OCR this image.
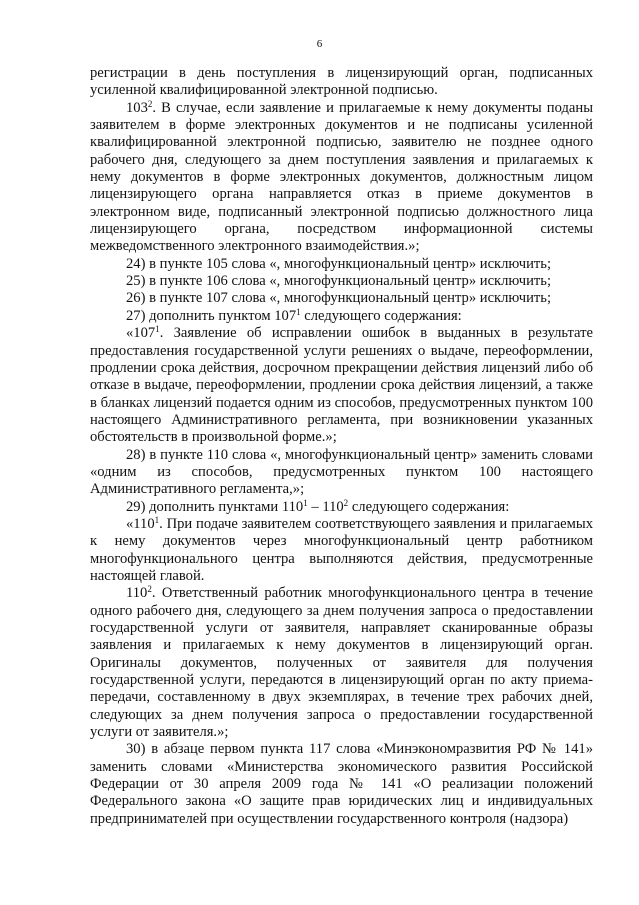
6

регистрации в день поступления в лицензирующий орган, подписанных усиленной квалифицированной электронной подписью.

$103^2$. В случае, если заявление и прилагаемые к нему документы поданы заявителем в форме электронных документов и не подписаны усиленной квалифицированной электронной подписью, заявителю не позднее одного рабочего дня, следующего за днем поступления заявления и прилагаемых к нему документов в форме электронных документов, должностным лицом лицензирующего органа направляется отказ в приеме документов в электронном виде, подписанный электронной подписью должностного лица лицензирующего органа, посредством информационной системы межведомственного электронного взаимодействия.»;

24) в пункте 105 слова «, многофункциональный центр» исключить;

25) в пункте 106 слова «, многофункциональный центр» исключить;

26) в пункте 107 слова «, многофункциональный центр» исключить;

27) дополнить пунктом $107^1$ следующего содержания:

«$107^1$. Заявление об исправлении ошибок в выданных в результате предоставления государственной услуги решениях о выдаче, переоформлении, продлении срока действия, досрочном прекращении действия лицензий либо об отказе в выдаче, переоформлении, продлении срока действия лицензий, а также в бланках лицензий подается одним из способов, предусмотренных пунктом 100 настоящего Административного регламента, при возникновении указанных обстоятельств в произвольной форме.»;

28) в пункте 110 слова «, многофункциональный центр» заменить словами «одним из способов, предусмотренных пунктом 100 настоящего Административного регламента,»;

29) дополнить пунктами $110^1 - 110^2$ следующего содержания:

«$110^1$. При подаче заявителем соответствующего заявления и прилагаемых к нему документов через многофункциональный центр работником многофункционального центра выполняются действия, предусмотренные настоящей главой.

$110^2$. Ответственный работник многофункционального центра в течение одного рабочего дня, следующего за днем получения запроса о предоставлении государственной услуги от заявителя, направляет сканированные образы заявления и прилагаемых к нему документов в лицензирующий орган. Оригиналы документов, полученных от заявителя для получения государственной услуги, передаются в лицензирующий орган по акту приема-передачи, составленному в двух экземплярах, в течение трех рабочих дней, следующих за днем получения запроса о предоставлении государственной услуги от заявителя.»;

30) в абзаце первом пункта 117 слова «Минэкономразвития РФ № 141» заменить словами «Министерства экономического развития Российской Федерации от 30 апреля 2009 года № 141 «О реализации положений Федерального закона «О защите прав юридических лиц и индивидуальных предпринимателей при осуществлении государственного контроля (надзора)
